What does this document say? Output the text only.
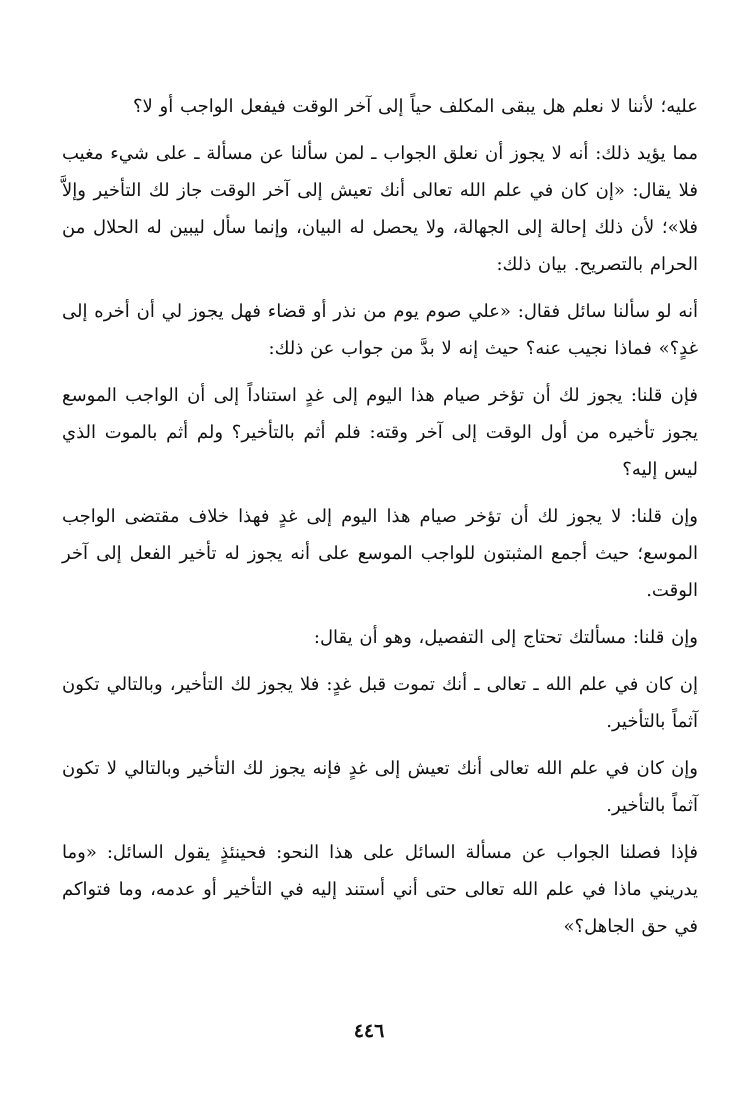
عليه؛ لأننا لا نعلم هل يبقى المكلف حياً إلى آخر الوقت فيفعل الواجب أو لا؟

مما يؤيد ذلك: أنه لا يجوز أن نعلق الجواب ـ لمن سألنا عن مسألة ـ على شيء مغيب فلا يقال: «إن كان في علم الله تعالى أنك تعيش إلى آخر الوقت جاز لك التأخير وإلاَّ فلا»؛ لأن ذلك إحالة إلى الجهالة، ولا يحصل له البيان، وإنما سأل ليبين له الحلال من الحرام بالتصريح. بيان ذلك:

أنه لو سألنا سائل فقال: «علي صوم يوم من نذر أو قضاء فهل يجوز لي أن أخره إلى غدٍ؟» فماذا نجيب عنه؟ حيث إنه لا بدَّ من جواب عن ذلك:

فإن قلنا: يجوز لك أن تؤخر صيام هذا اليوم إلى غدٍ استناداً إلى أن الواجب الموسع يجوز تأخيره من أول الوقت إلى آخر وقته: فلم أثم بالتأخير؟ ولم أثم بالموت الذي ليس إليه؟

وإن قلنا: لا يجوز لك أن تؤخر صيام هذا اليوم إلى غدٍ فهذا خلاف مقتضى الواجب الموسع؛ حيث أجمع المثبتون للواجب الموسع على أنه يجوز له تأخير الفعل إلى آخر الوقت.

وإن قلنا: مسألتك تحتاج إلى التفصيل، وهو أن يقال:

إن كان في علم الله ـ تعالى ـ أنك تموت قبل غدٍ: فلا يجوز لك التأخير، وبالتالي تكون آثماً بالتأخير.

وإن كان في علم الله تعالى أنك تعيش إلى غدٍ فإنه يجوز لك التأخير وبالتالي لا تكون آثماً بالتأخير.

فإذا فصلنا الجواب عن مسألة السائل على هذا النحو: فحينئذٍ يقول السائل: «وما يدريني ماذا في علم الله تعالى حتى أني أستند إليه في التأخير أو عدمه، وما فتواكم في حق الجاهل؟»

٤٤٦
